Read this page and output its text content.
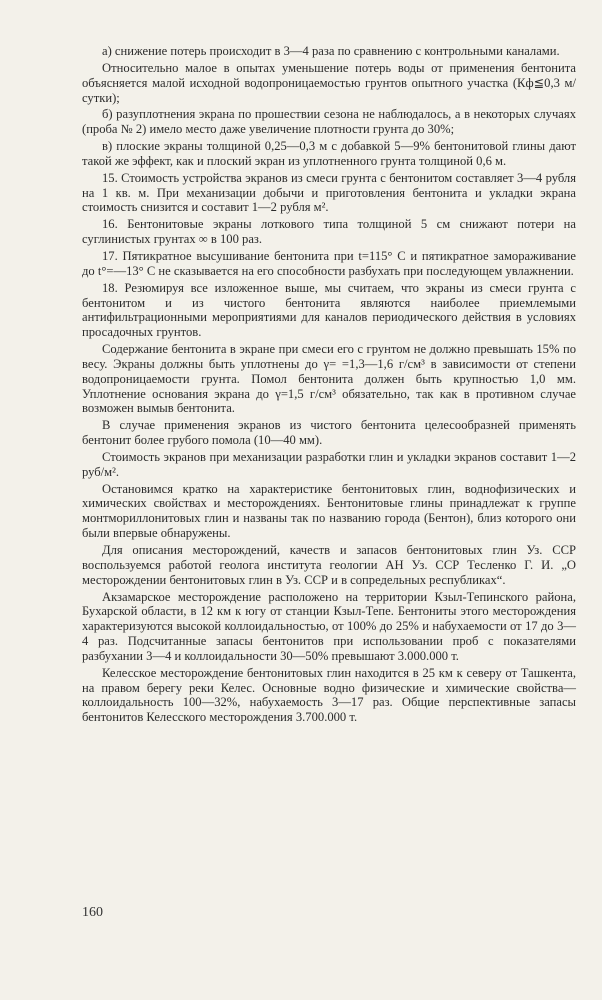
а) снижение потерь происходит в 3—4 раза по сравнению с контрольными каналами.

Относительно малое в опытах уменьшение потерь воды от применения бентонита объясняется малой исходной водопроницаемостью грунтов опытного участка (Кф≦0,3 м/сутки);

б) разуплотнения экрана по прошествии сезона не наблюдалось, а в некоторых случаях (проба № 2) имело место даже увеличение плотности грунта до 30%;

в) плоские экраны толщиной 0,25—0,3 м с добавкой 5—9% бентонитовой глины дают такой же эффект, как и плоский экран из уплотненного грунта толщиной 0,6 м.

15. Стоимость устройства экранов из смеси грунта с бентонитом составляет 3—4 рубля на 1 кв. м. При механизации добычи и приготовления бентонита и укладки экрана стоимость снизится и составит 1—2 рубля м².

16. Бентонитовые экраны лоткового типа толщиной 5 см снижают потери на суглинистых грунтах ∞ в 100 раз.

17. Пятикратное высушивание бентонита при t=115° С и пятикратное замораживание до t°=—13° С не сказывается на его способности разбухать при последующем увлажнении.

18. Резюмируя все изложенное выше, мы считаем, что экраны из смеси грунта с бентонитом и из чистого бентонита являются наиболее приемлемыми антифильтрационными мероприятиями для каналов периодического действия в условиях просадочных грунтов.

Содержание бентонита в экране при смеси его с грунтом не должно превышать 15% по весу. Экраны должны быть уплотнены до γ= =1,3—1,6 г/см³ в зависимости от степени водопроницаемости грунта. Помол бентонита должен быть крупностью 1,0 мм. Уплотнение основания экрана до γ=1,5 г/см³ обязательно, так как в противном случае возможен вымыв бентонита.

В случае применения экранов из чистого бентонита целесообразней применять бентонит более грубого помола (10—40 мм).

Стоимость экранов при механизации разработки глин и укладки экранов составит 1—2 руб/м².

Остановимся кратко на характеристике бентонитовых глин, воднофизических и химических свойствах и месторождениях. Бентонитовые глины принадлежат к группе монтмориллонитовых глин и названы так по названию города (Бентон), близ которого они были впервые обнаружены.

Для описания месторождений, качеств и запасов бентонитовых глин Уз. ССР воспользуемся работой геолога института геологии АН Уз. ССР Тесленко Г. И. „О месторождении бентонитовых глин в Уз. ССР и в сопредельных республиках“.

Акзамарское месторождение расположено на территории Кзыл-Тепинского района, Бухарской области, в 12 км к югу от станции Кзыл-Тепе. Бентониты этого месторождения характеризуются высокой коллоидальностью, от 100% до 25% и набухаемости от 17 до 3—4 раз. Подсчитанные запасы бентонитов при использовании проб с показателями разбухании 3—4 и коллоидальности 30—50% превышают 3.000.000 т.

Келесское месторождение бентонитовых глин находится в 25 км к северу от Ташкента, на правом берегу реки Келес. Основные водно физические и химические свойства— коллоидальность 100—32%, набухаемость 3—17 раз. Общие перспективные запасы бентонитов Келесского месторождения 3.700.000 т.

160
